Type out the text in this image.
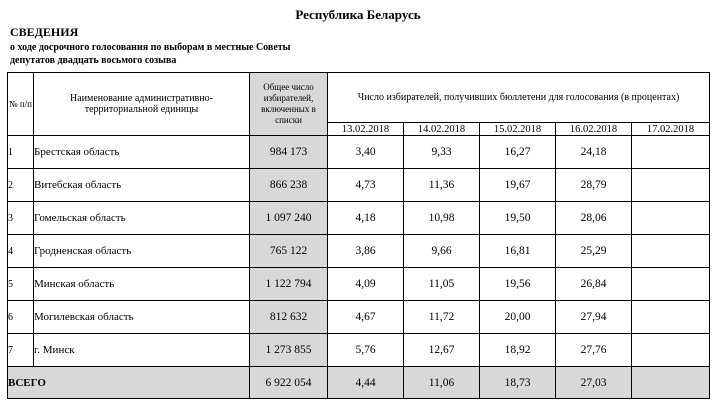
Республика Беларусь
СВЕДЕНИЯ
о ходе досрочного голосования по выборам в местные Советы
депутатов двадцать восьмого созыва
№ п/п	Наименование административно-территориальной единицы	Общее число избирателей, включенных в списки	Число избирателей, получивших бюллетени для голосования (в процентах)				
			13.02.2018	14.02.2018	15.02.2018	16.02.2018	17.02.2018
1	Брестская область	984 173	3,40	9,33	16,27	24,18	
2	Витебская область	866 238	4,73	11,36	19,67	28,79	
3	Гомельская область	1 097 240	4,18	10,98	19,50	28,06	
4	Гродненская область	765 122	3,86	9,66	16,81	25,29	
5	Минская область	1 122 794	4,09	11,05	19,56	26,84	
6	Могилевская область	812 632	4,67	11,72	20,00	27,94	
7	г. Минск	1 273 855	5,76	12,67	18,92	27,76	
ВСЕГО		6 922 054	4,44	11,06	18,73	27,03	
